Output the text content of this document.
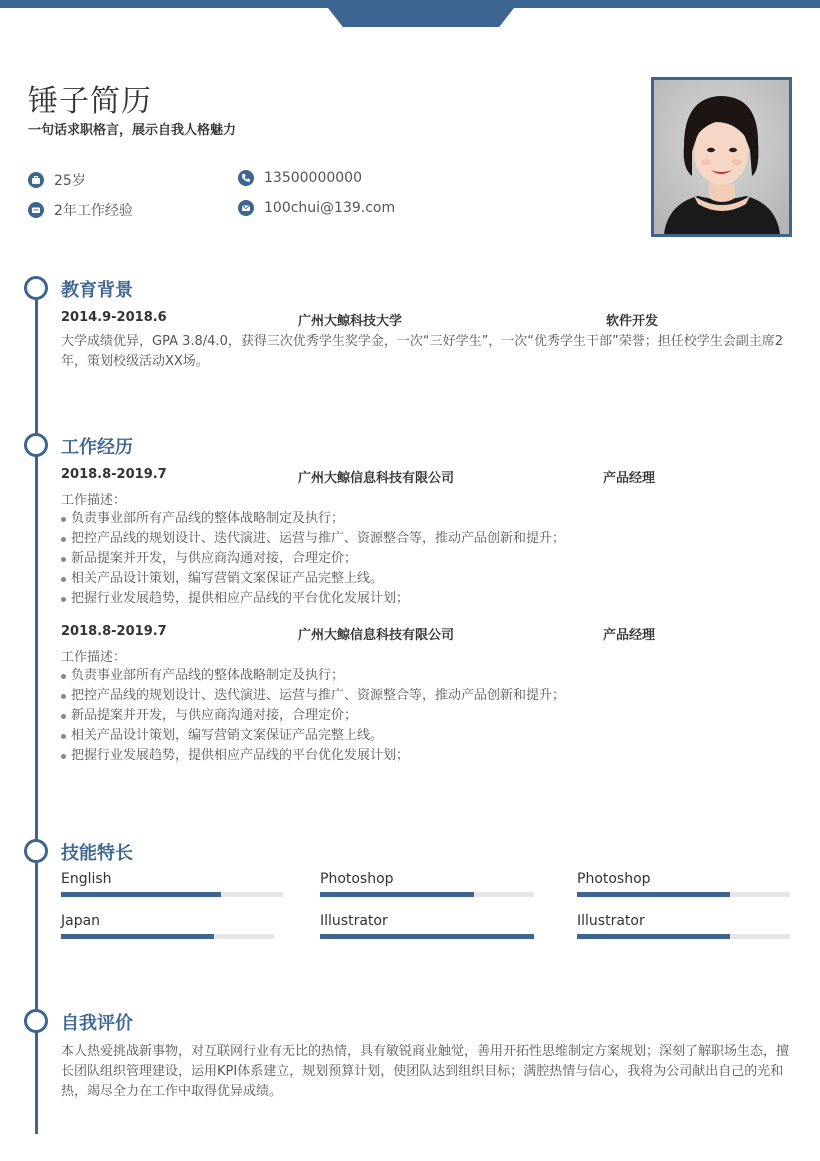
锤子简历
一句话求职格言，展示自我人格魅力
25岁	13500000000
2年工作经验	100chui@139.com
教育背景
2014.9-2018.6	广州大鲸科技大学	软件开发
大学成绩优异，GPA 3.8/4.0，获得三次优秀学生奖学金，一次“三好学生”，一次“优秀学生干部”荣誉；担任校学生会副主席2年，策划校级活动XX场。
工作经历
2018.8-2019.7	广州大鲸信息科技有限公司	产品经理
工作描述：
负责事业部所有产品线的整体战略制定及执行；
把控产品线的规划设计、迭代演进、运营与推广、资源整合等，推动产品创新和提升；
新品提案并开发，与供应商沟通对接，合理定价；
相关产品设计策划，编写营销文案保证产品完整上线。
把握行业发展趋势，提供相应产品线的平台优化发展计划；
2018.8-2019.7	广州大鲸信息科技有限公司	产品经理
工作描述：
负责事业部所有产品线的整体战略制定及执行；
把控产品线的规划设计、迭代演进、运营与推广、资源整合等，推动产品创新和提升；
新品提案并开发，与供应商沟通对接，合理定价；
相关产品设计策划，编写营销文案保证产品完整上线。
把握行业发展趋势，提供相应产品线的平台优化发展计划；
技能特长
English	Photoshop	Photoshop
Japan	Illustrator	Illustrator
自我评价
本人热爱挑战新事物，对互联网行业有无比的热情，具有敏锐商业触觉，善用开拓性思维制定方案规划；深刻了解职场生态，擅长团队组织管理建设，运用KPI体系建立，规划预算计划，使团队达到组织目标；满腔热情与信心，我将为公司献出自己的光和热，竭尽全力在工作中取得优异成绩。
